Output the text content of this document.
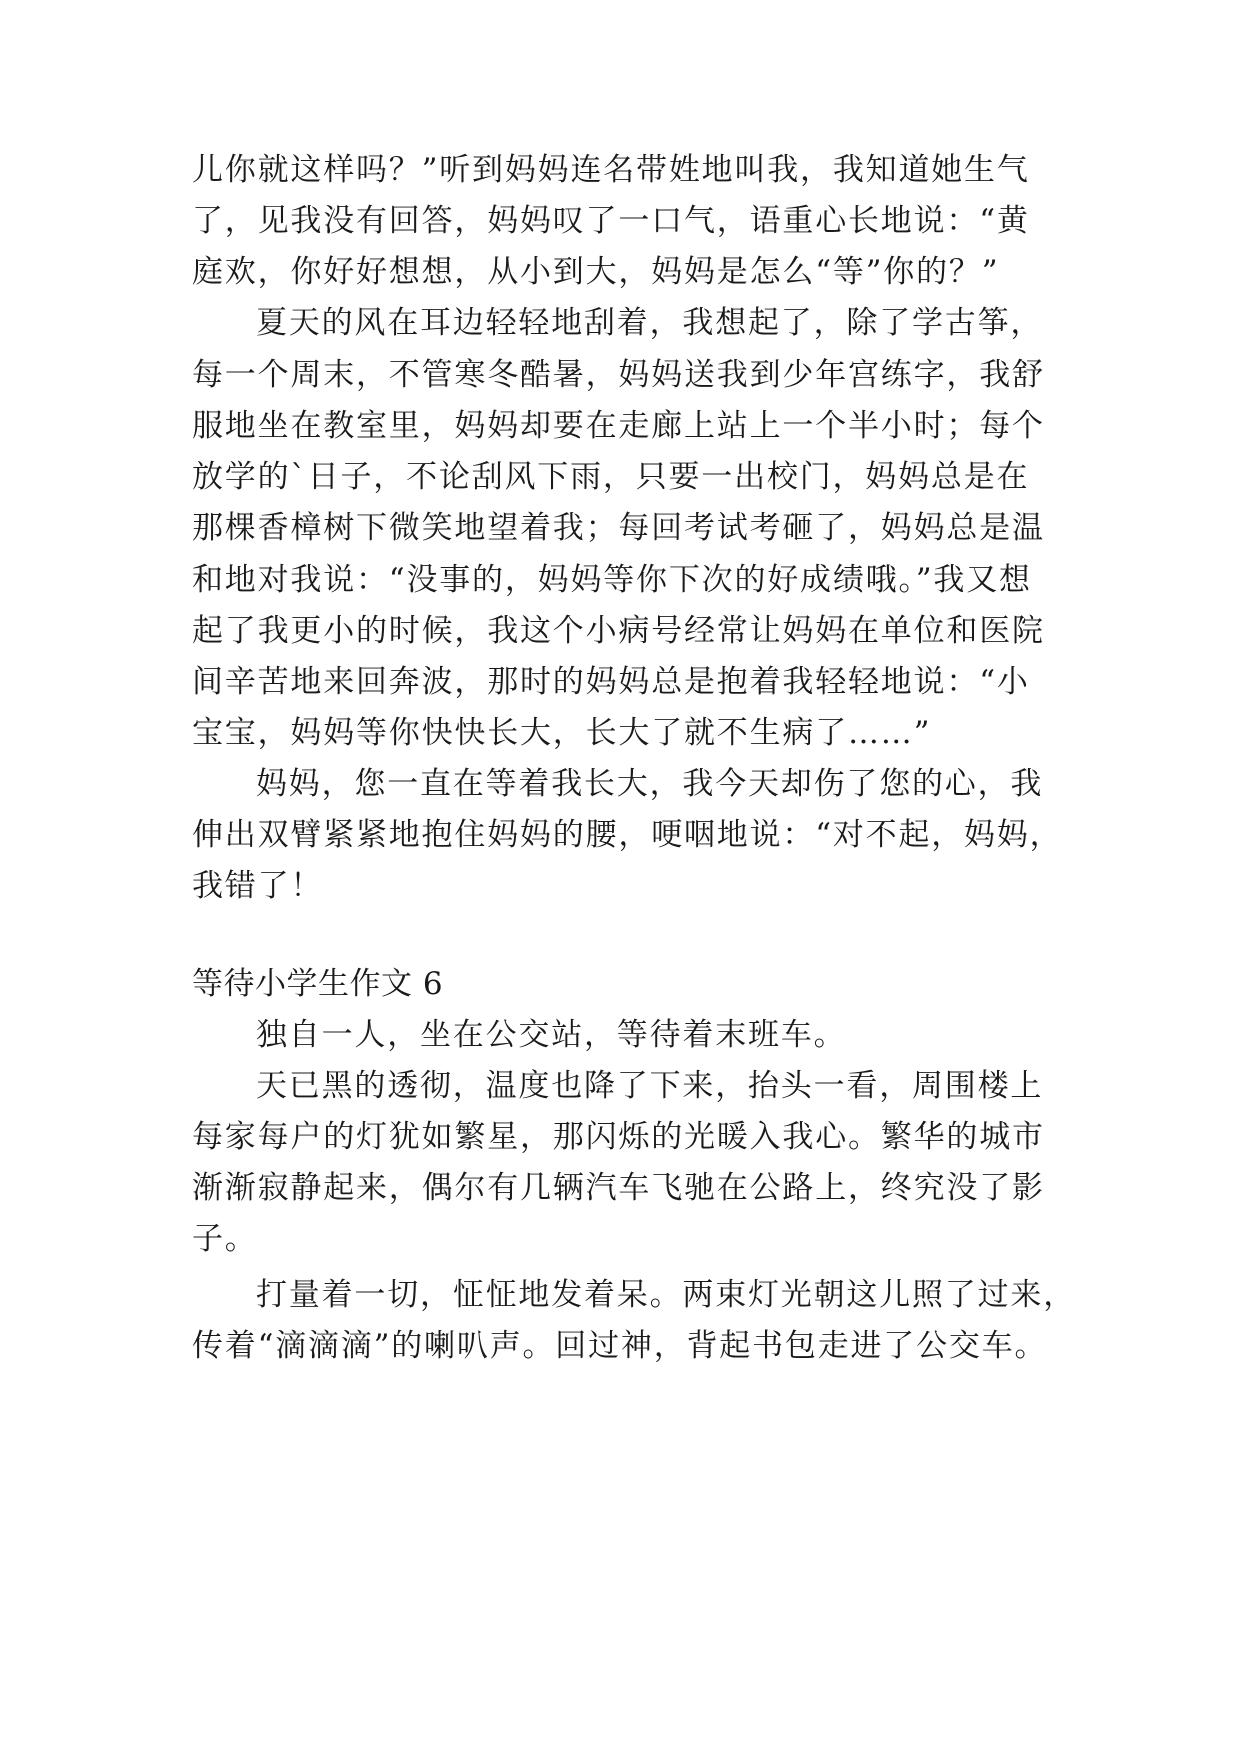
儿你就这样吗？”听到妈妈连名带姓地叫我，我知道她生气
了，见我没有回答，妈妈叹了一口气，语重心长地说：“黄
庭欢，你好好想想，从小到大，妈妈是怎么“等”你的？”
夏天的风在耳边轻轻地刮着，我想起了，除了学古筝，
每一个周末，不管寒冬酷暑，妈妈送我到少年宫练字，我舒
服地坐在教室里，妈妈却要在走廊上站上一个半小时；每个
放学的`日子，不论刮风下雨，只要一出校门，妈妈总是在
那棵香樟树下微笑地望着我；每回考试考砸了，妈妈总是温
和地对我说：“没事的，妈妈等你下次的好成绩哦。”我又想
起了我更小的时候，我这个小病号经常让妈妈在单位和医院
间辛苦地来回奔波，那时的妈妈总是抱着我轻轻地说：“小
宝宝，妈妈等你快快长大，长大了就不生病了……”
妈妈，您一直在等着我长大，我今天却伤了您的心，我
伸出双臂紧紧地抱住妈妈的腰，哽咽地说：“对不起，妈妈，
我错了！
等待小学生作文 6
独自一人，坐在公交站，等待着末班车。
天已黑的透彻，温度也降了下来，抬头一看，周围楼上
每家每户的灯犹如繁星，那闪烁的光暖入我心。繁华的城市
渐渐寂静起来，偶尔有几辆汽车飞驰在公路上，终究没了影
子。
打量着一切，怔怔地发着呆。两束灯光朝这儿照了过来，
传着“滴滴滴”的喇叭声。回过神，背起书包走进了公交车。
